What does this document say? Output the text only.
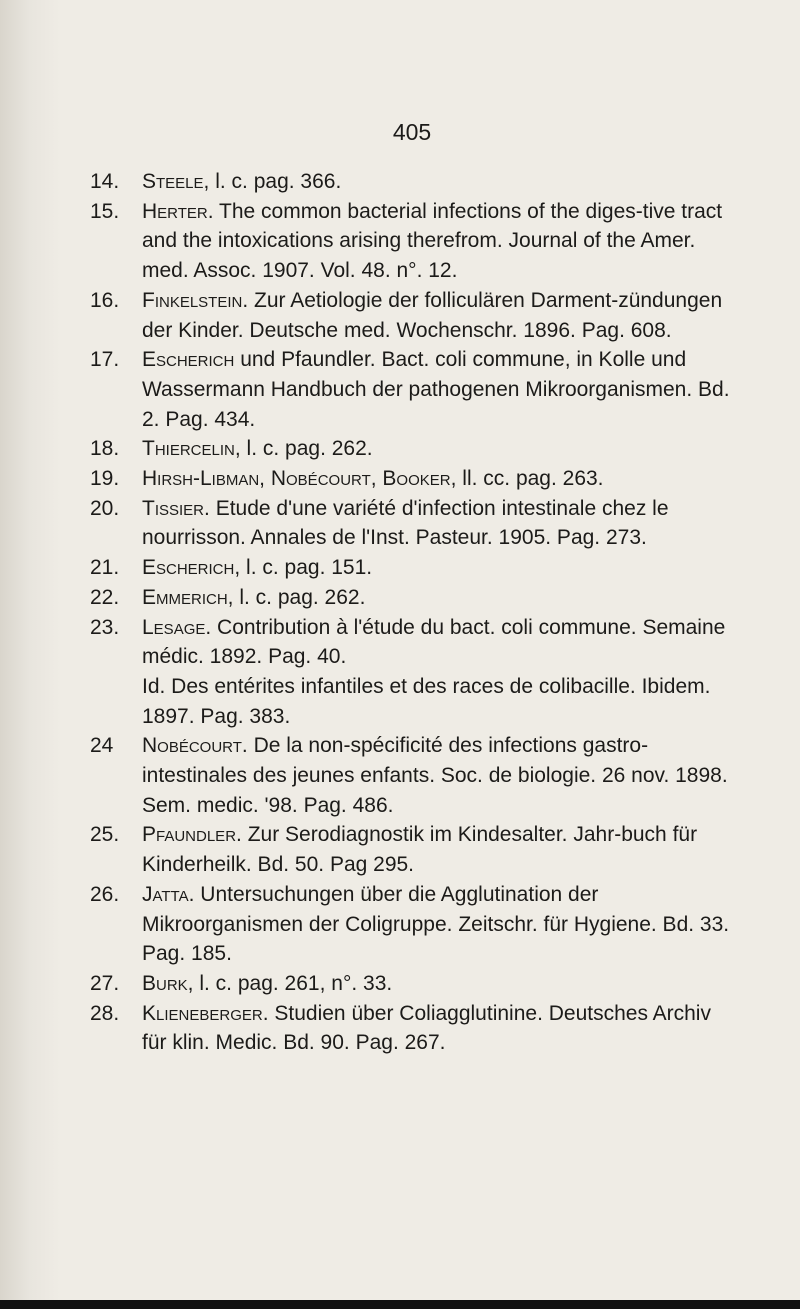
405
14. Steele, l. c. pag. 366.
15. Herter. The common bacterial infections of the diges-tive tract and the intoxications arising therefrom. Journal of the Amer. med. Assoc. 1907. Vol. 48. n°. 12.
16. Finkelstein. Zur Aetiologie der folliculären Darment-zündungen der Kinder. Deutsche med. Wochenschr. 1896. Pag. 608.
17. Escherich und Pfaundler. Bact. coli commune, in Kolle und Wassermann Handbuch der pathogenen Mikroorganismen. Bd. 2. Pag. 434.
18. Thiercelin, l. c. pag. 262.
19. Hirsh-Libman, Nobécourt, Booker, ll. cc. pag. 263.
20. Tissier. Etude d'une variété d'infection intestinale chez le nourrisson. Annales de l'Inst. Pasteur. 1905. Pag. 273.
21. Escherich, l. c. pag. 151.
22. Emmerich, l. c. pag. 262.
23. Lesage. Contribution à l'étude du bact. coli commune. Semaine médic. 1892. Pag. 40.
Id. Des entérites infantiles et des races de colibacille. Ibidem. 1897. Pag. 383.
24 Nobécourt. De la non-spécificité des infections gastro-intestinales des jeunes enfants. Soc. de biologie. 26 nov. 1898. Sem. medic. '98. Pag. 486.
25. Pfaundler. Zur Serodiagnostik im Kindesalter. Jahr-buch für Kinderheilk. Bd. 50. Pag 295.
26. Jatta. Untersuchungen über die Agglutination der Mikroorganismen der Coligruppe. Zeitschr. für Hygiene. Bd. 33. Pag. 185.
27. Burk, l. c. pag. 261, n°. 33.
28. Klieneberger. Studien über Coliagglutinine. Deutsches Archiv für klin. Medic. Bd. 90. Pag. 267.
